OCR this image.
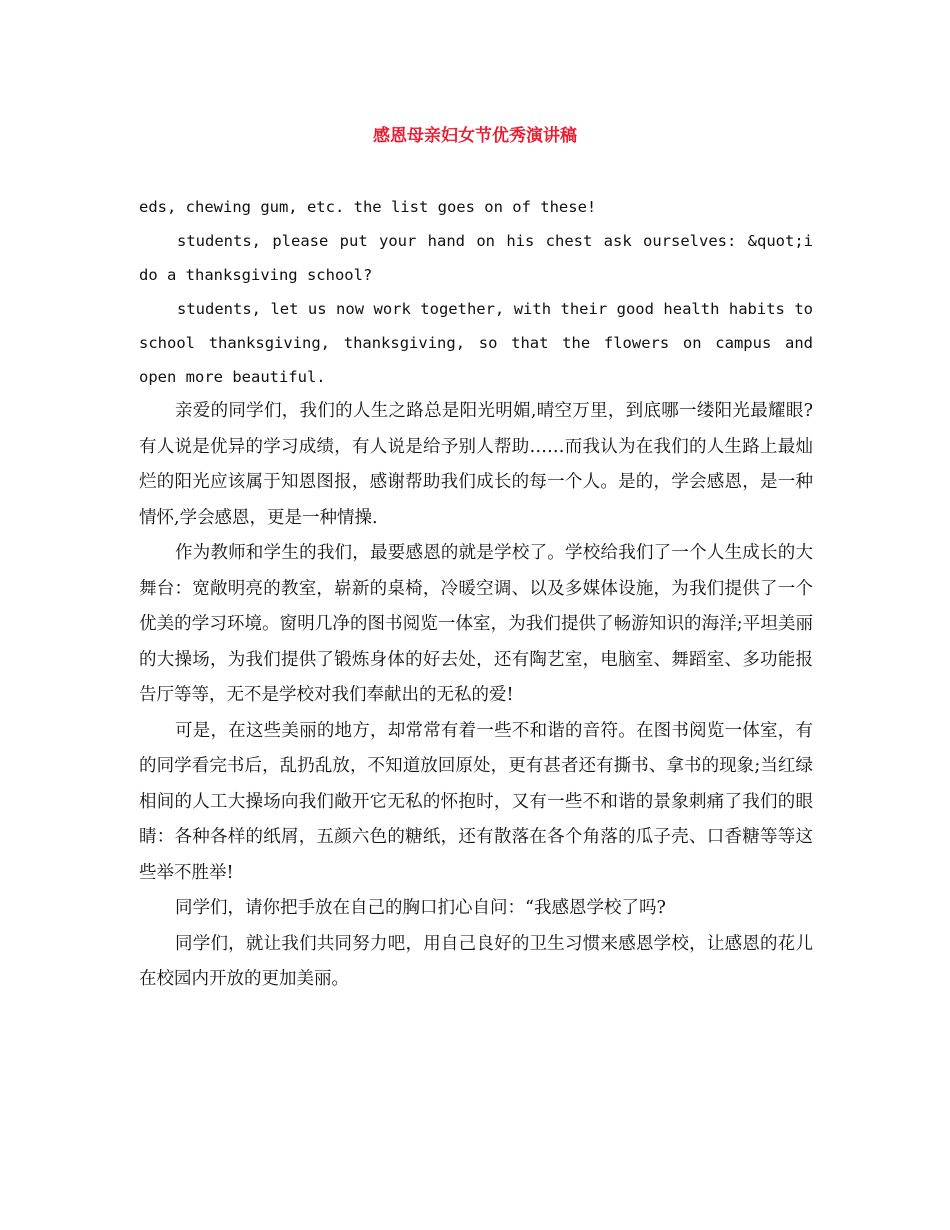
感恩母亲妇女节优秀演讲稿

eds, chewing gum, etc. the list goes on of these!

students, please put your hand on his chest ask ourselves: &quot;i do a thanksgiving school?

students, let us now work together, with their good health habits to school thanksgiving, thanksgiving, so that the flowers on campus and open more beautiful.

亲爱的同学们，我们的人生之路总是阳光明媚,晴空万里，到底哪一缕阳光最耀眼?有人说是优异的学习成绩，有人说是给予别人帮助……而我认为在我们的人生路上最灿烂的阳光应该属于知恩图报，感谢帮助我们成长的每一个人。是的，学会感恩，是一种情怀,学会感恩，更是一种情操.

作为教师和学生的我们，最要感恩的就是学校了。学校给我们了一个人生成长的大舞台：宽敞明亮的教室，崭新的桌椅，冷暖空调、以及多媒体设施，为我们提供了一个优美的学习环境。窗明几净的图书阅览一体室，为我们提供了畅游知识的海洋;平坦美丽的大操场，为我们提供了锻炼身体的好去处，还有陶艺室，电脑室、舞蹈室、多功能报告厅等等，无不是学校对我们奉献出的无私的爱!

可是，在这些美丽的地方，却常常有着一些不和谐的音符。在图书阅览一体室，有的同学看完书后，乱扔乱放，不知道放回原处，更有甚者还有撕书、拿书的现象;当红绿相间的人工大操场向我们敞开它无私的怀抱时，又有一些不和谐的景象刺痛了我们的眼睛：各种各样的纸屑，五颜六色的糖纸，还有散落在各个角落的瓜子壳、口香糖等等这些举不胜举!

同学们，请你把手放在自己的胸口扪心自问：“我感恩学校了吗?

同学们，就让我们共同努力吧，用自己良好的卫生习惯来感恩学校，让感恩的花儿在校园内开放的更加美丽。
